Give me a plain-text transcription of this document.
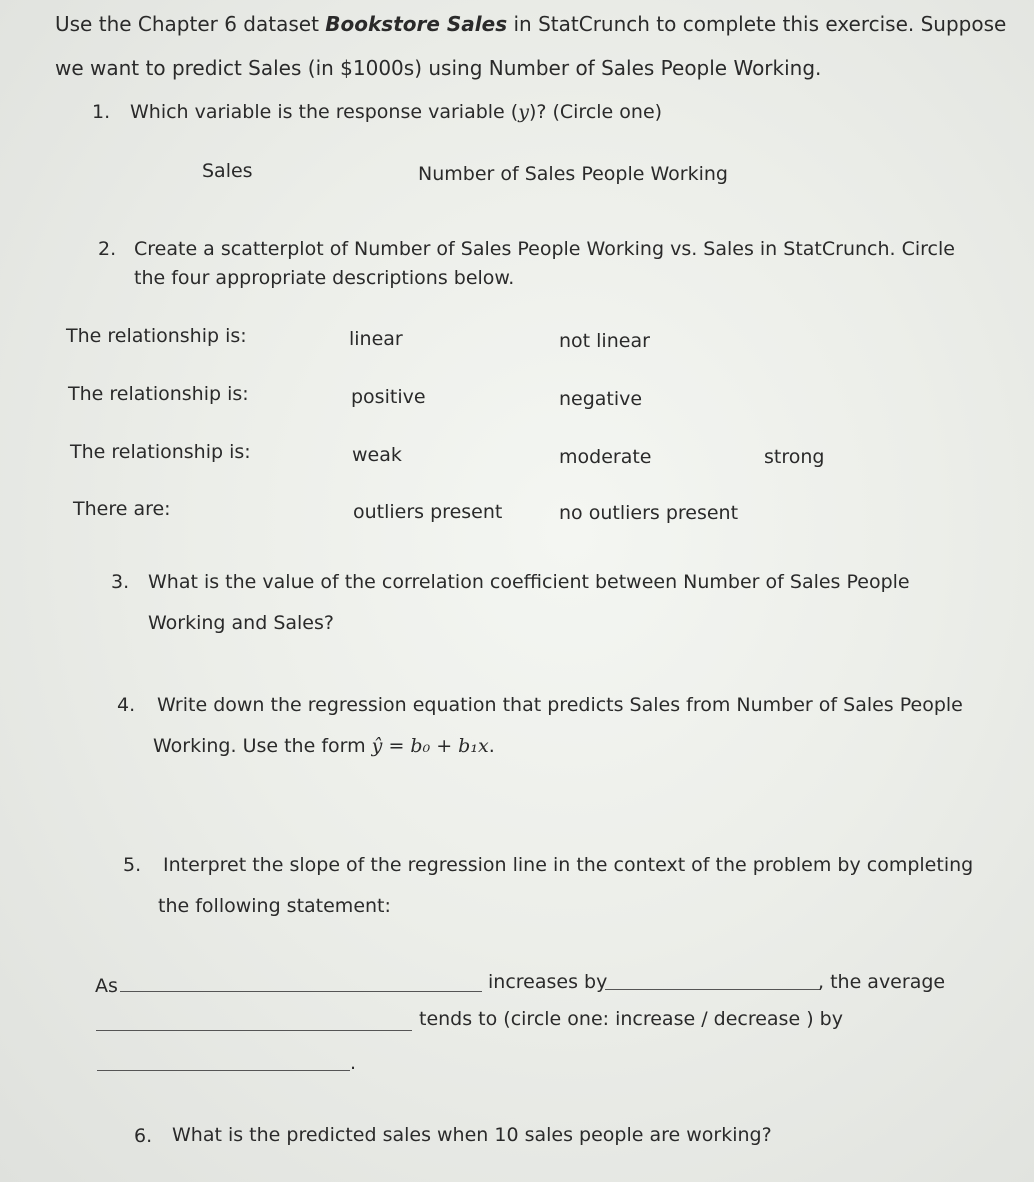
Use the Chapter 6 dataset Bookstore Sales in StatCrunch to complete this exercise. Suppose
we want to predict Sales (in $1000s) using Number of Sales People Working.
1. Which variable is the response variable (y)? (Circle one)
Sales	Number of Sales People Working
2. Create a scatterplot of Number of Sales People Working vs. Sales in StatCrunch. Circle
the four appropriate descriptions below.
The relationship is:	linear	not linear
The relationship is:	positive	negative
The relationship is:	weak	moderate	strong
There are:	outliers present	no outliers present
3. What is the value of the correlation coefficient between Number of Sales People
Working and Sales?
4. Write down the regression equation that predicts Sales from Number of Sales People
Working. Use the form ŷ = b₀ + b₁x.
5. Interpret the slope of the regression line in the context of the problem by completing
the following statement:
As	increases by	, the average
tends to (circle one: increase / decrease ) by
.
6. What is the predicted sales when 10 sales people are working?
